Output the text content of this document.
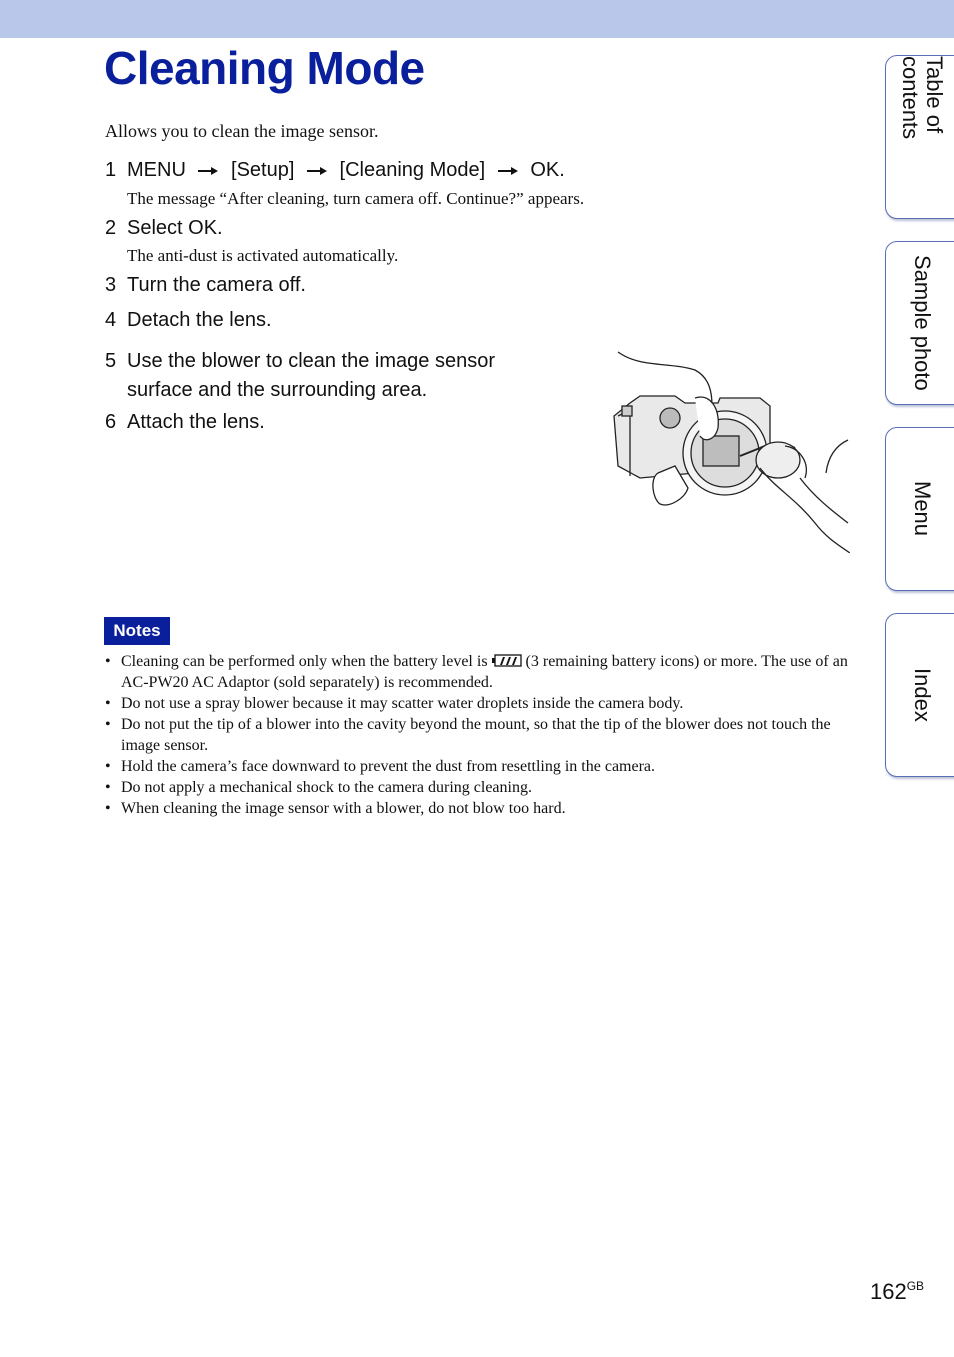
Cleaning Mode
Allows you to clean the image sensor.
1 MENU [Setup] [Cleaning Mode] OK.
The message “After cleaning, turn camera off. Continue?” appears.
2 Select OK.
The anti-dust is activated automatically.
3 Turn the camera off.
4 Detach the lens.
5 Use the blower to clean the image sensor
surface and the surrounding area.
6 Attach the lens.
Notes
• Cleaning can be performed only when the battery level is (3 remaining battery icons) or more. The use of an AC-PW20 AC Adaptor (sold separately) is recommended.
• Do not use a spray blower because it may scatter water droplets inside the camera body.
• Do not put the tip of a blower into the cavity beyond the mount, so that the tip of the blower does not touch the image sensor.
• Hold the camera’s face downward to prevent the dust from resettling in the camera.
• Do not apply a mechanical shock to the camera during cleaning.
• When cleaning the image sensor with a blower, do not blow too hard.
Table of contents
Sample photo
Menu
Index
$162^{GB}$
